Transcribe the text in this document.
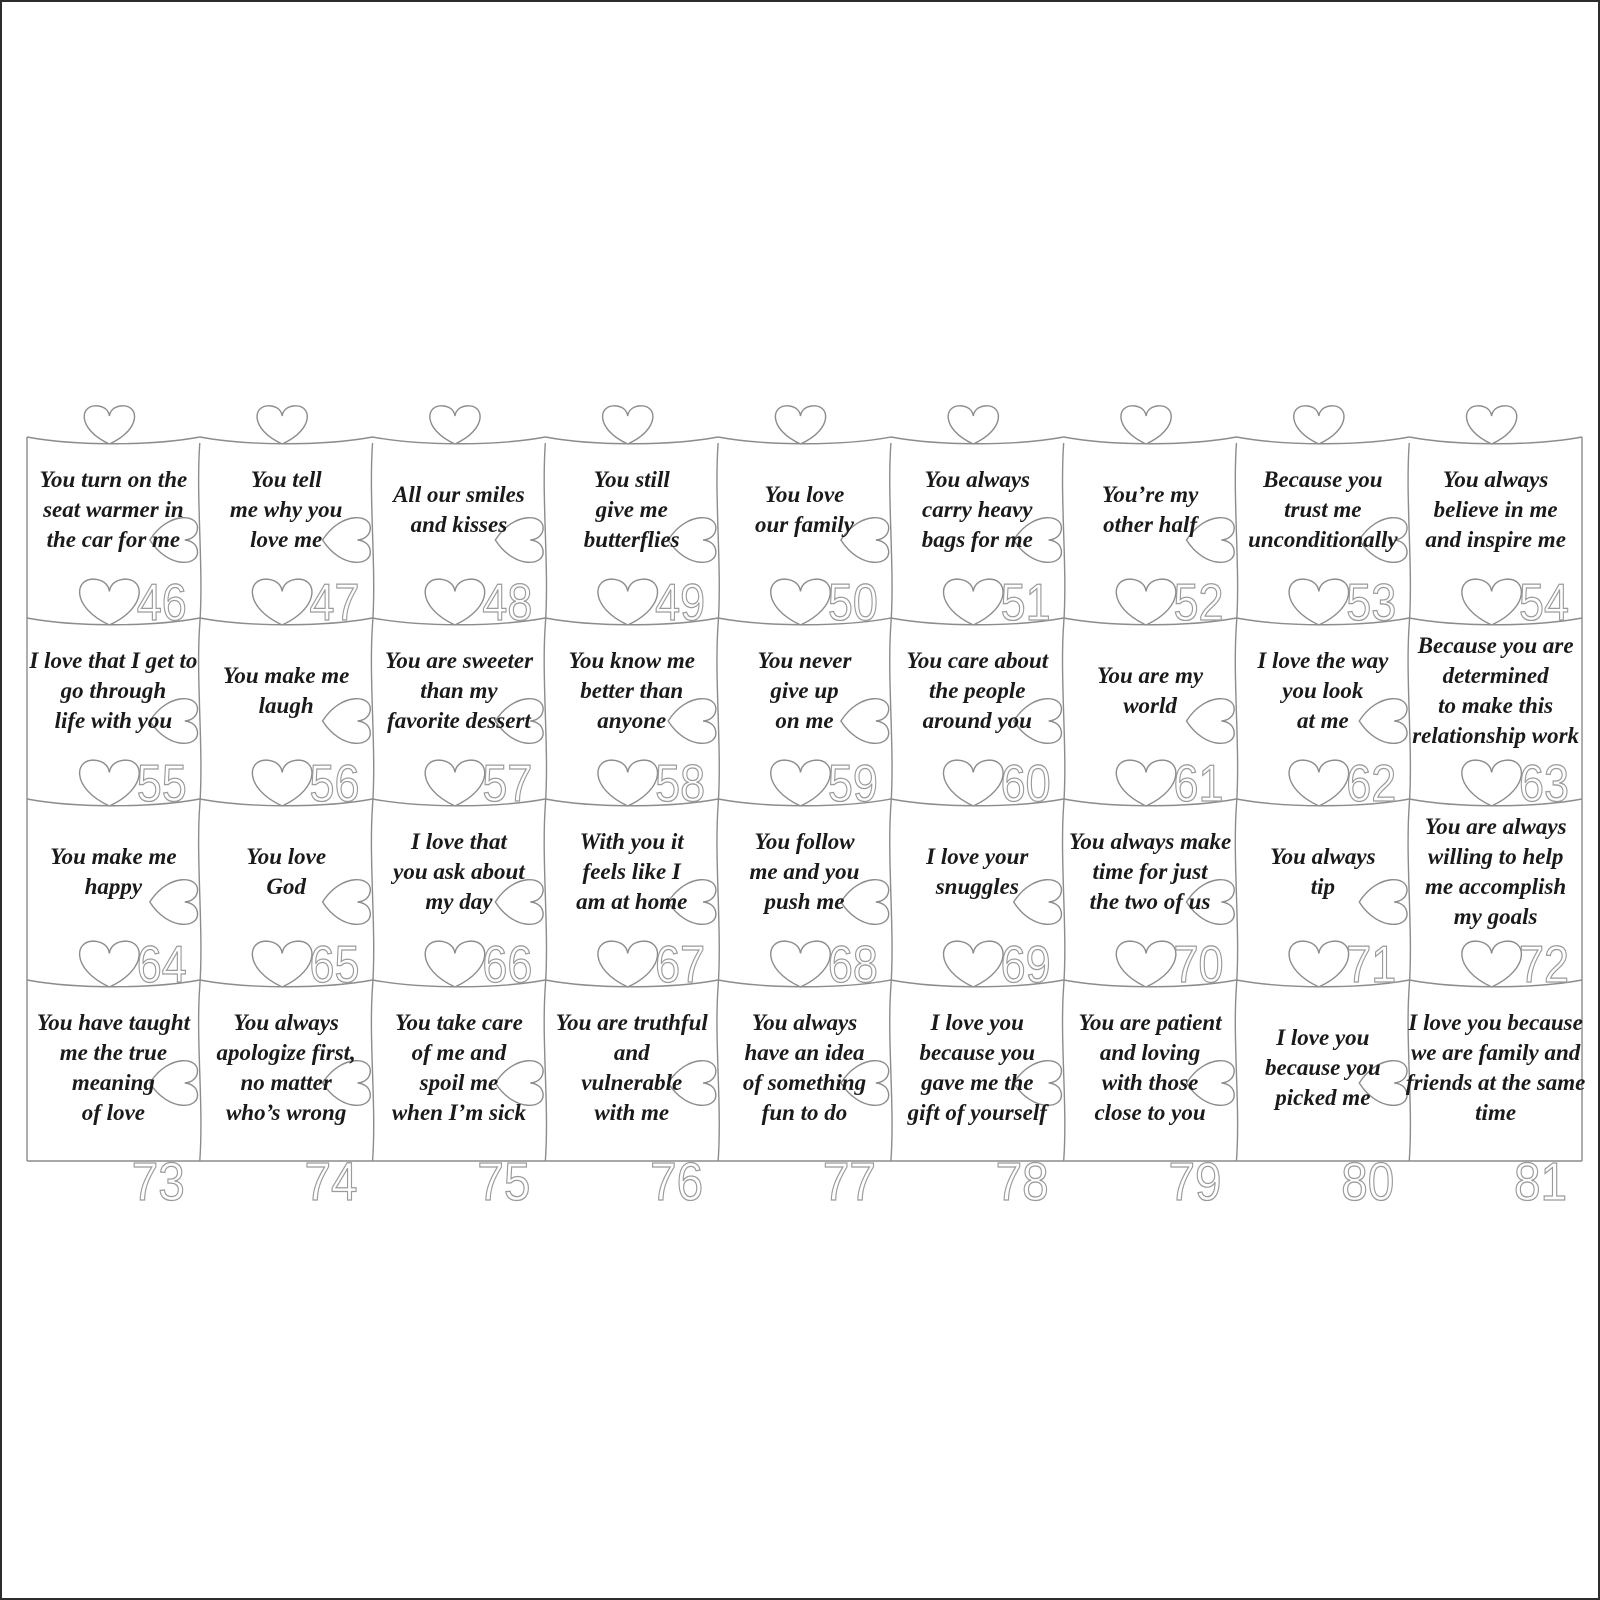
46 47 48 49 50 51 52 53 54
55 56 57 58 59 60 61 62 63
64 65 66 67 68 69 70 71 72
73 74 75 76 77 78 79 80 81
You turn on the
seat warmer in
the car for me
You tell
me why you
love me
All our smiles
and kisses
You still
give me
butterflies
You love
our family
You always
carry heavy
bags for me
You’re my
other half
Because you
trust me
unconditionally
You always
believe in me
and inspire me
I love that I get to
go through
life with you
You make me
laugh
You are sweeter
than my
favorite dessert
You know me
better than
anyone
You never
give up
on me
You care about
the people
around you
You are my
world
I love the way
you look
at me
Because you are
determined
to make this
relationship work
You make me
happy
You love
God
I love that
you ask about
my day
With you it
feels like I
am at home
You follow
me and you
push me
I love your
snuggles
You always make
time for just
the two of us
You always
tip
You are always
willing to help
me accomplish
my goals
You have taught
me the true
meaning
of love
You always
apologize first,
no matter
who’s wrong
You take care
of me and
spoil me
when I’m sick
You are truthful
and
vulnerable
with me
You always
have an idea
of something
fun to do
I love you
because you
gave me the
gift of yourself
You are patient
and loving
with those
close to you
I love you
because you
picked me
I love you because
we are family and
friends at the same
time
